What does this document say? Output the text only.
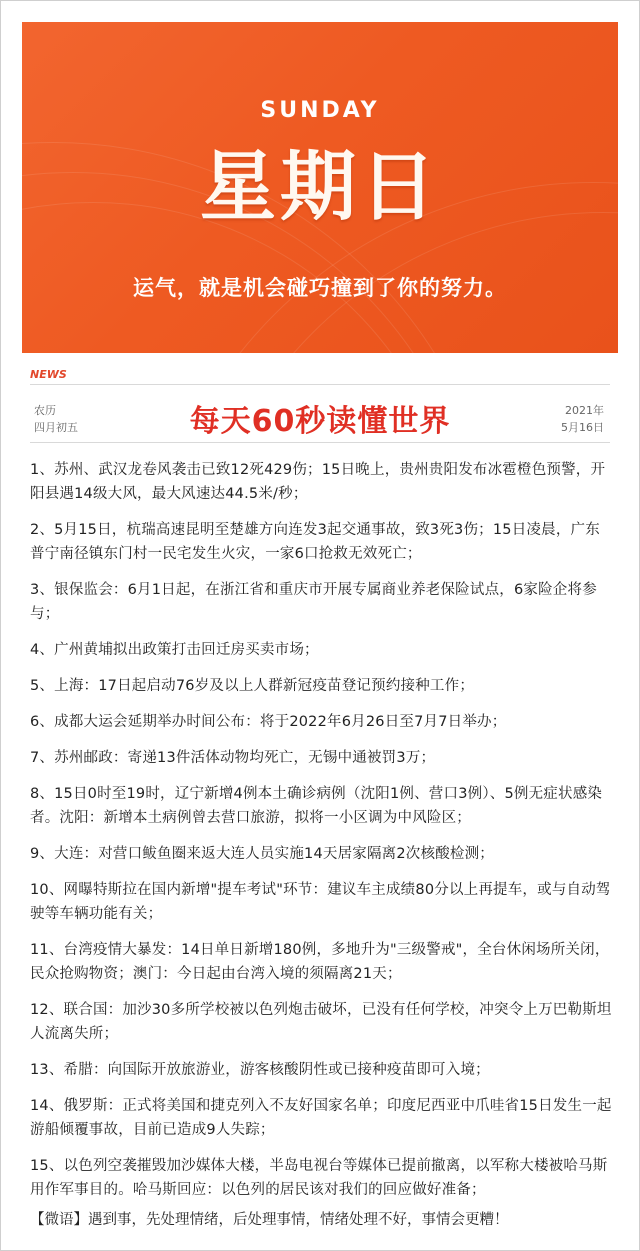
SUNDAY
星期日
运气，就是机会碰巧撞到了你的努力。
NEWS
农历
四月初五	每天60秒读懂世界	2021年
5月16日
1、苏州、武汉龙卷风袭击已致12死429伤；15日晚上，贵州贵阳发布冰雹橙色预警，开阳县遇14级大风，最大风速达44.5米/秒；
2、5月15日，杭瑞高速昆明至楚雄方向连发3起交通事故，致3死3伤；15日凌晨，广东普宁南径镇东门村一民宅发生火灾，一家6口抢救无效死亡；
3、银保监会：6月1日起，在浙江省和重庆市开展专属商业养老保险试点，6家险企将参与；
4、广州黄埔拟出政策打击回迁房买卖市场；
5、上海：17日起启动76岁及以上人群新冠疫苗登记预约接种工作；
6、成都大运会延期举办时间公布：将于2022年6月26日至7月7日举办；
7、苏州邮政：寄递13件活体动物均死亡，无锡中通被罚3万；
8、15日0时至19时，辽宁新增4例本土确诊病例（沈阳1例、营口3例）、5例无症状感染者。沈阳：新增本土病例曾去营口旅游，拟将一小区调为中风险区；
9、大连：对营口鲅鱼圈来返大连人员实施14天居家隔离2次核酸检测；
10、网曝特斯拉在国内新增"提车考试"环节：建议车主成绩80分以上再提车，或与自动驾驶等车辆功能有关；
11、台湾疫情大暴发：14日单日新增180例，多地升为"三级警戒"，全台休闲场所关闭，民众抢购物资；澳门：今日起由台湾入境的须隔离21天；
12、联合国：加沙30多所学校被以色列炮击破坏，已没有任何学校，冲突令上万巴勒斯坦人流离失所；
13、希腊：向国际开放旅游业，游客核酸阴性或已接种疫苗即可入境；
14、俄罗斯：正式将美国和捷克列入不友好国家名单；印度尼西亚中爪哇省15日发生一起游船倾覆事故，目前已造成9人失踪；
15、以色列空袭摧毁加沙媒体大楼，半岛电视台等媒体已提前撤离，以军称大楼被哈马斯用作军事目的。哈马斯回应：以色列的居民该对我们的回应做好准备；
【微语】遇到事，先处理情绪，后处理事情，情绪处理不好，事情会更糟！
